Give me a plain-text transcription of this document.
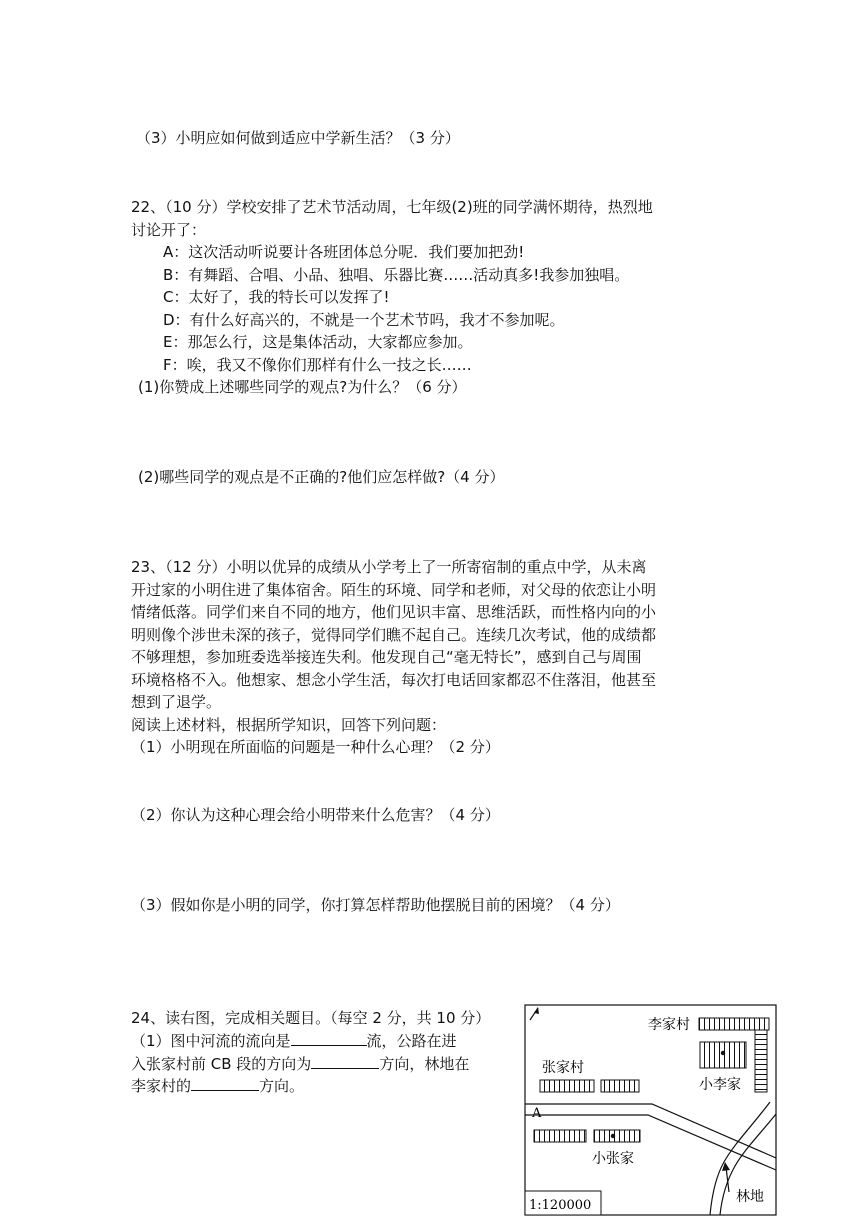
（3）小明应如何做到适应中学新生活？（3 分）
22、（10 分）学校安排了艺术节活动周，七年级(2)班的同学满怀期待，热烈地
讨论开了：
A：这次活动听说要计各班团体总分呢．我们要加把劲!
B：有舞蹈、合唱、小品、独唱、乐器比赛……活动真多!我参加独唱。
C：太好了，我的特长可以发挥了!
D：有什么好高兴的，不就是一个艺术节吗，我才不参加呢。
E：那怎么行，这是集体活动，大家都应参加。
F：唉，我又不像你们那样有什么一技之长……
(1)你赞成上述哪些同学的观点?为什么？（6 分）
(2)哪些同学的观点是不正确的?他们应怎样做?（4 分）
23、（12 分）小明以优异的成绩从小学考上了一所寄宿制的重点中学，从未离
开过家的小明住进了集体宿舍。陌生的环境、同学和老师，对父母的依恋让小明
情绪低落。同学们来自不同的地方，他们见识丰富、思维活跃，而性格内向的小
明则像个涉世未深的孩子，觉得同学们瞧不起自己。连续几次考试，他的成绩都
不够理想，参加班委选举接连失利。他发现自己“毫无特长”，感到自己与周围
环境格格不入。他想家、想念小学生活，每次打电话回家都忍不住落泪，他甚至
想到了退学。
阅读上述材料，根据所学知识，回答下列问题：
（1）小明现在所面临的问题是一种什么心理？（2 分）
（2）你认为这种心理会给小明带来什么危害？（4 分）
（3）假如你是小明的同学，你打算怎样帮助他摆脱目前的困境？（4 分）
24、读右图，完成相关题目。（每空 2 分，共 10 分）
（1）图中河流的流向是	流，公路在进
入张家村前 CB 段的方向为	方向，林地在
李家村的	方向。
李家村
张家村
小李家
A
小张家
林地
1:120000
